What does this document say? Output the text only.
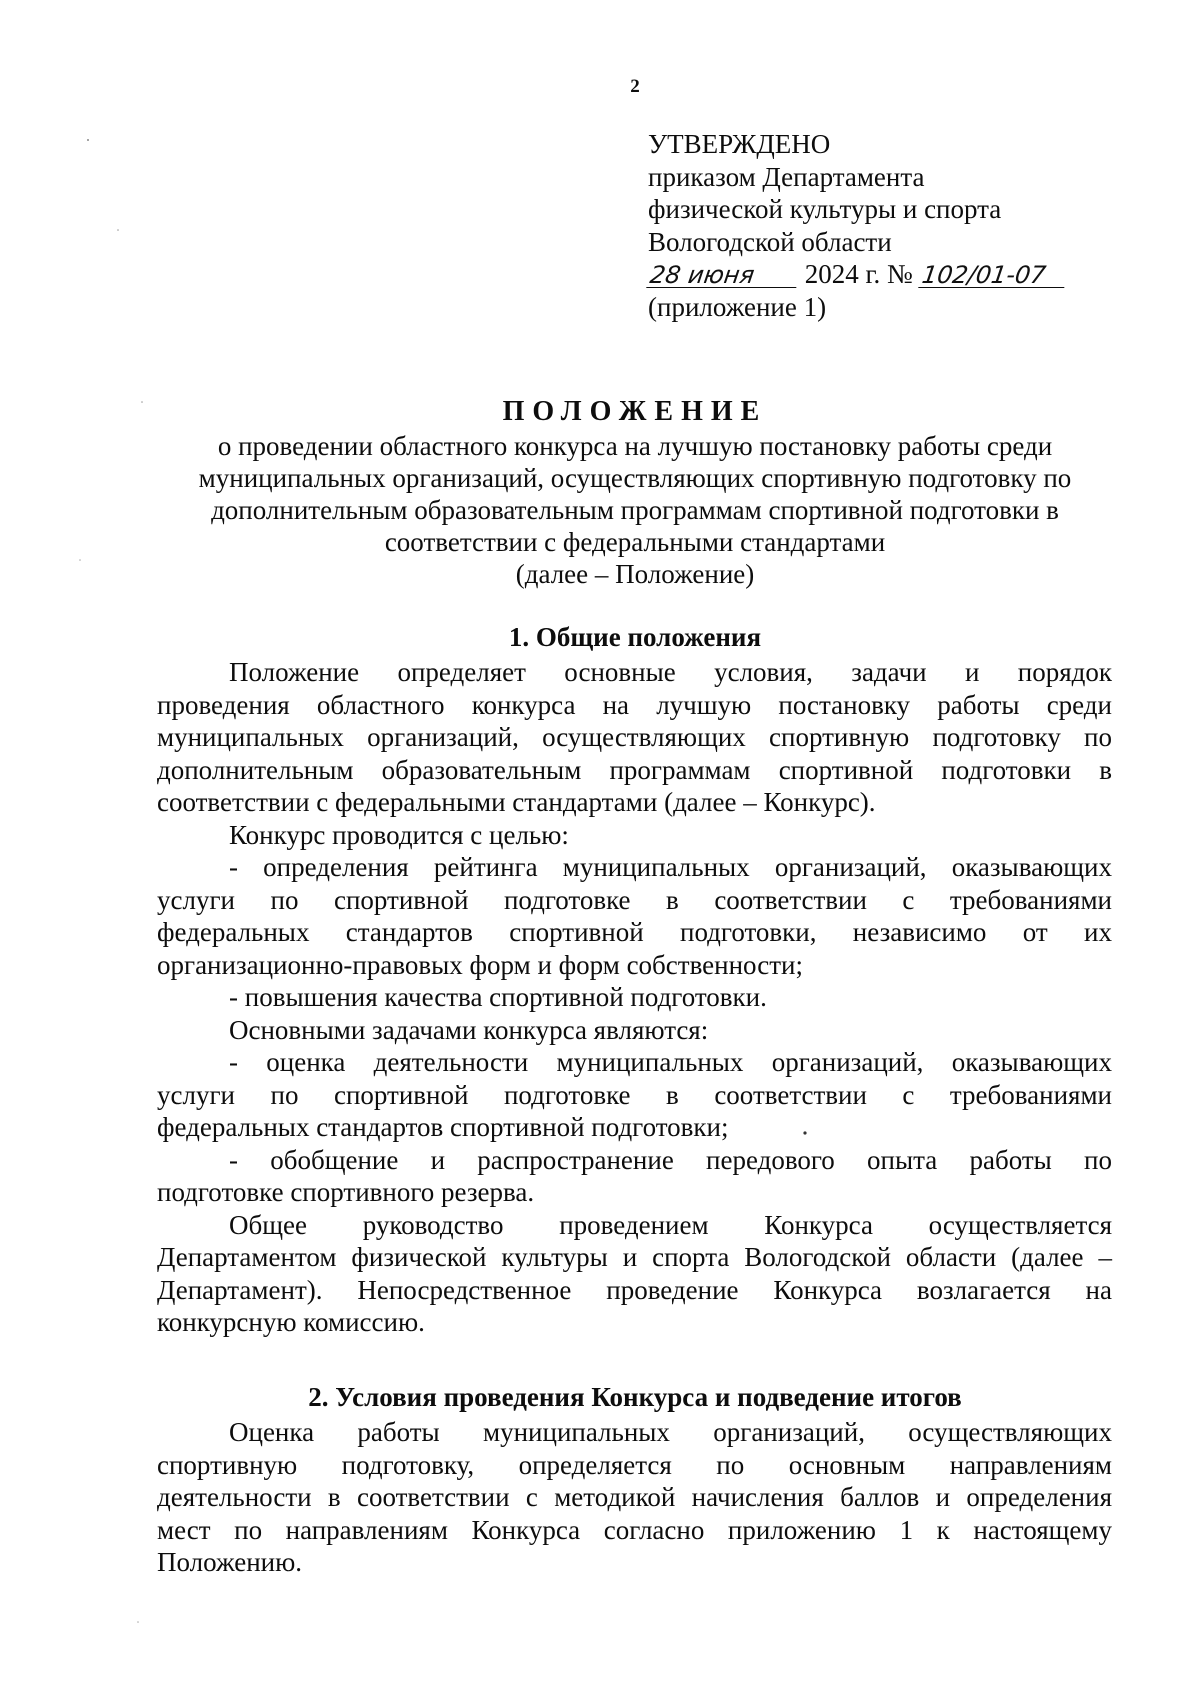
2
УТВЕРЖДЕНО
приказом Департамента
физической культуры и спорта
Вологодской области
28 июня 2024 г. № 102/01-07
(приложение 1)
ПОЛОЖЕНИЕ
о проведении областного конкурса на лучшую постановку работы среди
муниципальных организаций, осуществляющих спортивную подготовку по
дополнительным образовательным программам спортивной подготовки в
соответствии с федеральными стандартами
(далее – Положение)
1. Общие положения
Положение определяет основные условия, задачи и порядок
проведения областного конкурса на лучшую постановку работы среди
муниципальных организаций, осуществляющих спортивную подготовку по
дополнительным образовательным программам спортивной подготовки в
соответствии с федеральными стандартами (далее – Конкурс).
Конкурс проводится с целью:
- определения рейтинга муниципальных организаций, оказывающих
услуги по спортивной подготовке в соответствии с требованиями
федеральных стандартов спортивной подготовки, независимо от их
организационно-правовых форм и форм собственности;
- повышения качества спортивной подготовки.
Основными задачами конкурса являются:
- оценка деятельности муниципальных организаций, оказывающих
услуги по спортивной подготовке в соответствии с требованиями
федеральных стандартов спортивной подготовки;
- обобщение и распространение передового опыта работы по
подготовке спортивного резерва.
Общее руководство проведением Конкурса осуществляется
Департаментом физической культуры и спорта Вологодской области (далее –
Департамент). Непосредственное проведение Конкурса возлагается на
конкурсную комиссию.
2. Условия проведения Конкурса и подведение итогов
Оценка работы муниципальных организаций, осуществляющих
спортивную подготовку, определяется по основным направлениям
деятельности в соответствии с методикой начисления баллов и определения
мест по направлениям Конкурса согласно приложению 1 к настоящему
Положению.
